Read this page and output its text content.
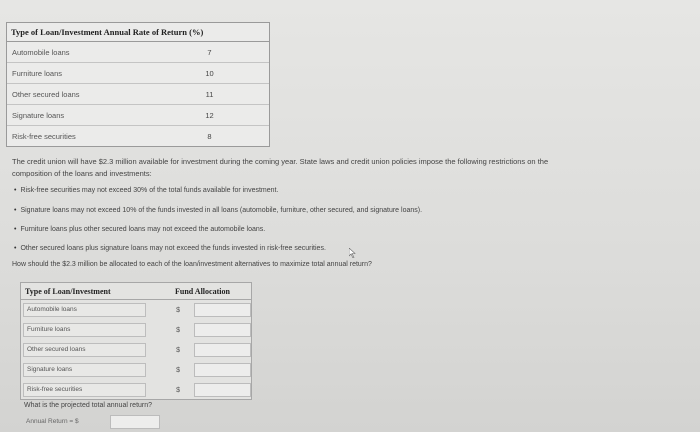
Type of Loan/Investment Annual Rate of Return (%)
Automobile loans	7
Furniture loans	10
Other secured loans	11
Signature loans	12
Risk-free securities	8
The credit union will have $2.3 million available for investment during the coming year. State laws and credit union policies impose the following restrictions on the
composition of the loans and investments:
• Risk-free securities may not exceed 30% of the total funds available for investment.
• Signature loans may not exceed 10% of the funds invested in all loans (automobile, furniture, other secured, and signature loans).
• Furniture loans plus other secured loans may not exceed the automobile loans.
• Other secured loans plus signature loans may not exceed the funds invested in risk-free securities.
How should the $2.3 million be allocated to each of the loan/investment alternatives to maximize total annual return?
Type of Loan/Investment	Fund Allocation
Automobile loans	$
Furniture loans	$
Other secured loans	$
Signature loans	$
Risk-free securities	$
What is the projected total annual return?
Annual Return = $
